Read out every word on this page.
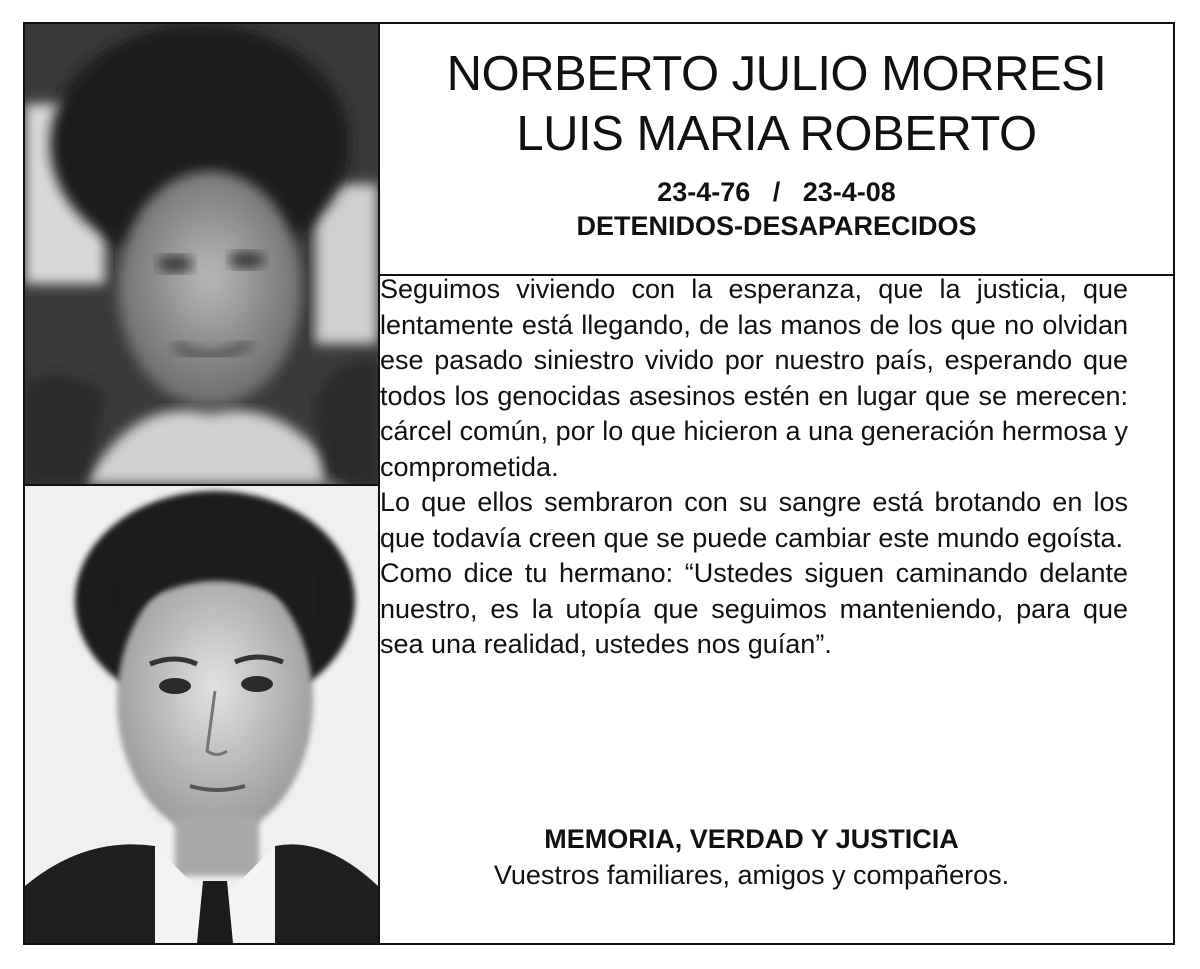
NORBERTO JULIO MORRESI
LUIS MARIA ROBERTO
23-4-76   /   23-4-08
DETENIDOS-DESAPARECIDOS

Seguimos viviendo con la esperanza, que la justicia, que lentamente está llegando, de las manos de los que no olvidan ese pasado siniestro vivido por nuestro país, esperando que todos los genocidas asesinos estén en lugar que se merecen: cárcel común, por lo que hicieron a una generación hermosa y comprometida.

Lo que ellos sembraron con su sangre está brotando en los que todavía creen que se puede cambiar este mundo egoísta.

Como dice tu hermano: “Ustedes siguen caminando delante nuestro, es la utopía que seguimos manteniendo, para que sea una realidad, ustedes nos guían”.

MEMORIA, VERDAD Y JUSTICIA
Vuestros familiares, amigos y compañeros.
